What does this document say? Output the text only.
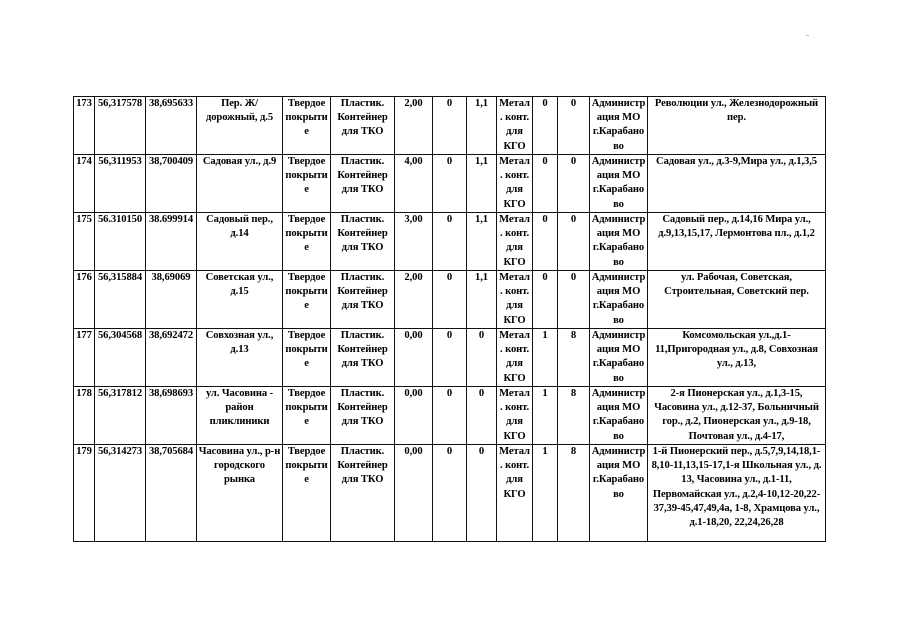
173	56,317578	38,695633	Пер. Ж/дорожный, д.5	Твердое покрытие	Пластик. Контейнер для ТКО	2,00	0	1,1	Метал. конт. для КГО	0	0	Администрация МО г.Карабаново	Революции ул., Железнодорожный пер.
174	56,311953	38,700409	Садовая ул., д.9	Твердое покрытие	Пластик. Контейнер для ТКО	4,00	0	1,1	Метал. конт. для КГО	0	0	Администрация МО г.Карабаново	Садовая ул., д.3-9,Мира ул., д.1,3,5
175	56.310150	38.699914	Садовый пер., д.14	Твердое покрытие	Пластик. Контейнер для ТКО	3,00	0	1,1	Метал. конт. для КГО	0	0	Администрация МО г.Карабаново	Садовый пер., д.14,16 Мира ул., д.9,13,15,17, Лермонтова пл., д.1,2
176	56,315884	38,69069	Советская ул., д.15	Твердое покрытие	Пластик. Контейнер для ТКО	2,00	0	1,1	Метал. конт. для КГО	0	0	Администрация МО г.Карабаново	ул. Рабочая, Советская, Строительная, Советский пер.
177	56,304568	38,692472	Совхозная ул., д.13	Твердое покрытие	Пластик. Контейнер для ТКО	0,00	0	0	Метал. конт. для КГО	1	8	Администрация МО г.Карабаново	Комсомольская ул.,д.1-11,Пригородная ул., д.8, Совхозная ул., д.13,
178	56,317812	38,698693	ул. Часовина - район пликлиники	Твердое покрытие	Пластик. Контейнер для ТКО	0,00	0	0	Метал. конт. для КГО	1	8	Администрация МО г.Карабаново	2-я Пионерская ул., д.1,3-15, Часовина ул., д.12-37, Больничный гор., д.2, Пионерская ул., д.9-18, Почтовая ул., д.4-17,
179	56,314273	38,705684	Часовина ул., р-н городского рынка	Твердое покрытие	Пластик. Контейнер для ТКО	0,00	0	0	Метал. конт. для КГО	1	8	Администрация МО г.Карабаново	1-й Пионерский пер., д.5,7,9,14,18,1-8,10-11,13,15-17,1-я Школьная ул., д. 13, Часовина ул., д.1-11, Первомайская ул., д.2,4-10,12-20,22-37,39-45,47,49,4а, 1-8, Храмцова ул., д.1-18,20, 22,24,26,28
